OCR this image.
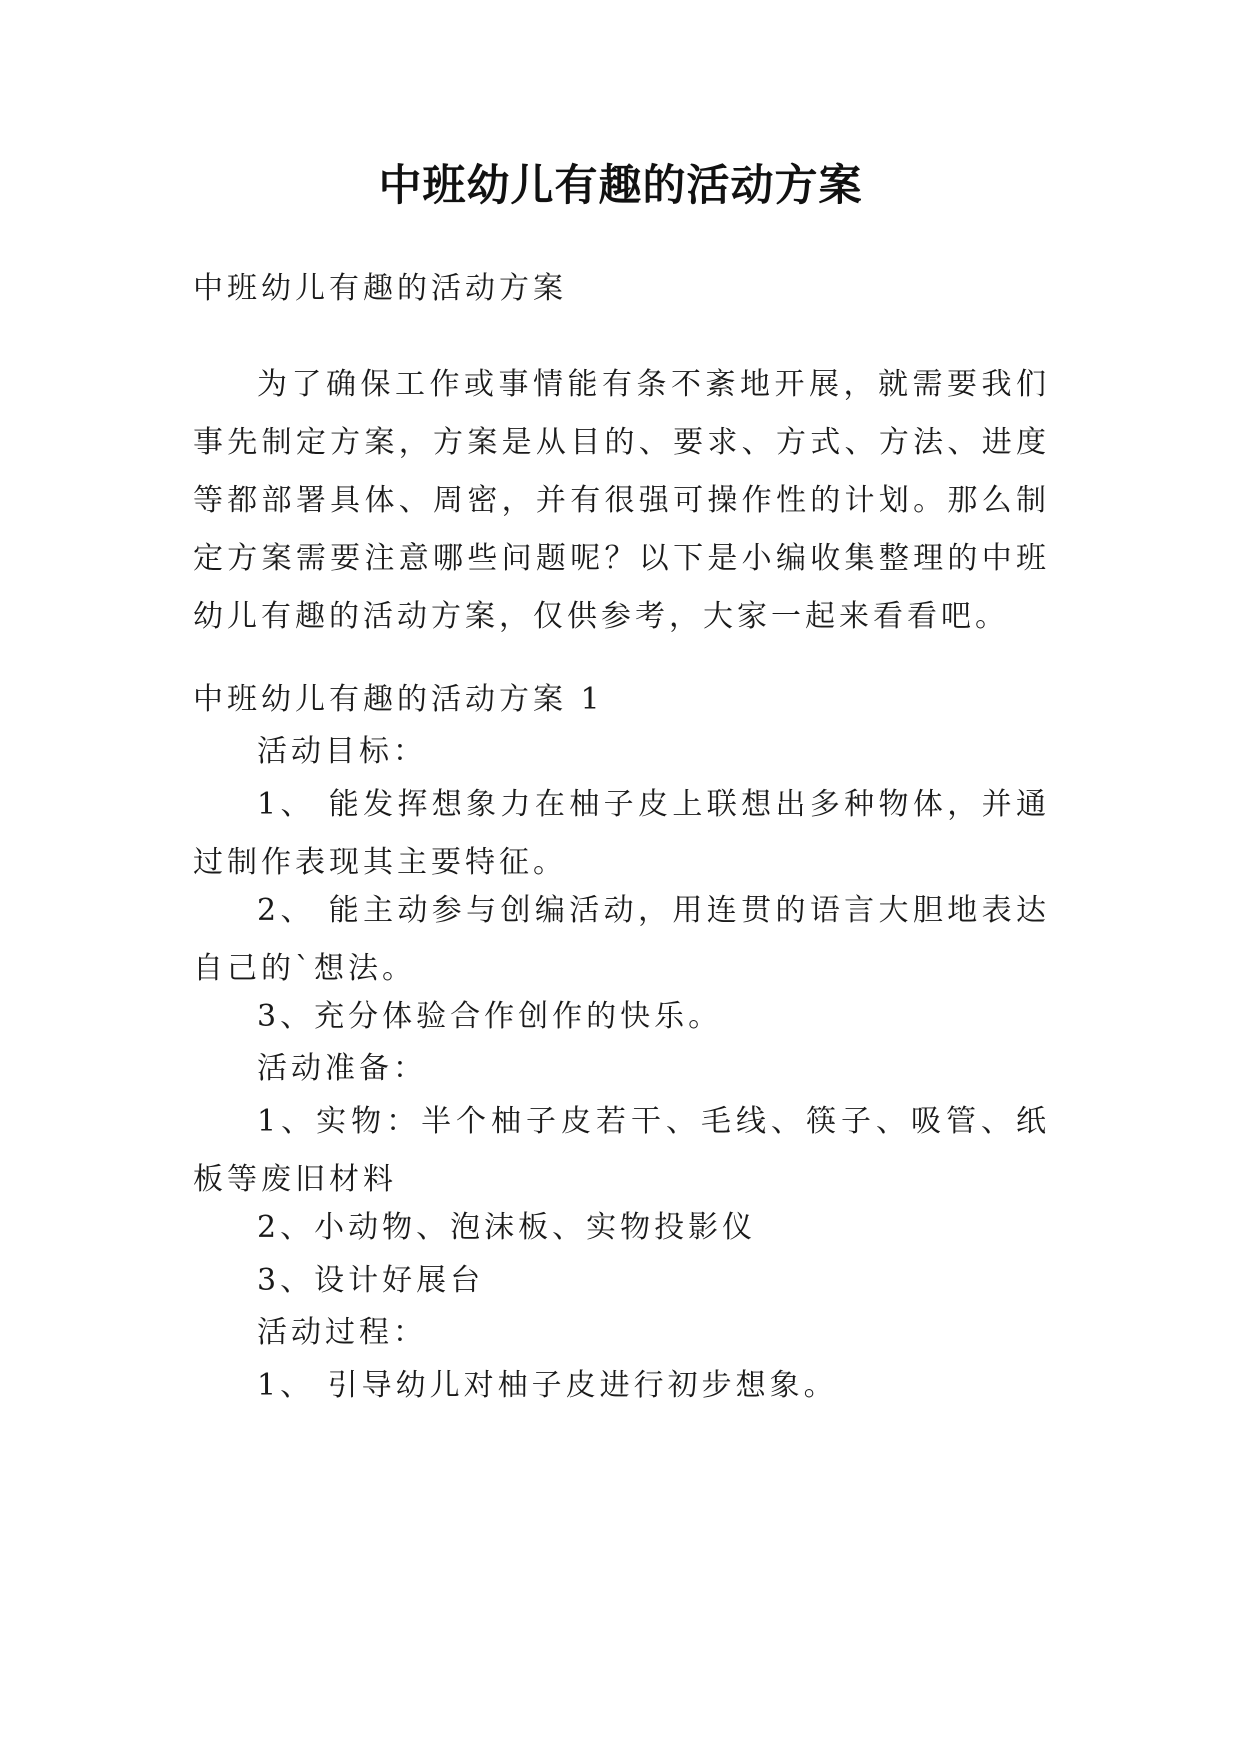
中班幼儿有趣的活动方案

中班幼儿有趣的活动方案

为了确保工作或事情能有条不紊地开展，就需要我们事先制定方案，方案是从目的、要求、方式、方法、进度等都部署具体、周密，并有很强可操作性的计划。那么制定方案需要注意哪些问题呢？以下是小编收集整理的中班幼儿有趣的活动方案，仅供参考，大家一起来看看吧。

中班幼儿有趣的活动方案 1

活动目标：

1、 能发挥想象力在柚子皮上联想出多种物体，并通过制作表现其主要特征。

2、 能主动参与创编活动，用连贯的语言大胆地表达自己的`想法。

3、充分体验合作创作的快乐。

活动准备：

1、实物：半个柚子皮若干、毛线、筷子、吸管、纸板等废旧材料

2、小动物、泡沫板、实物投影仪

3、设计好展台

活动过程：

1、 引导幼儿对柚子皮进行初步想象。
